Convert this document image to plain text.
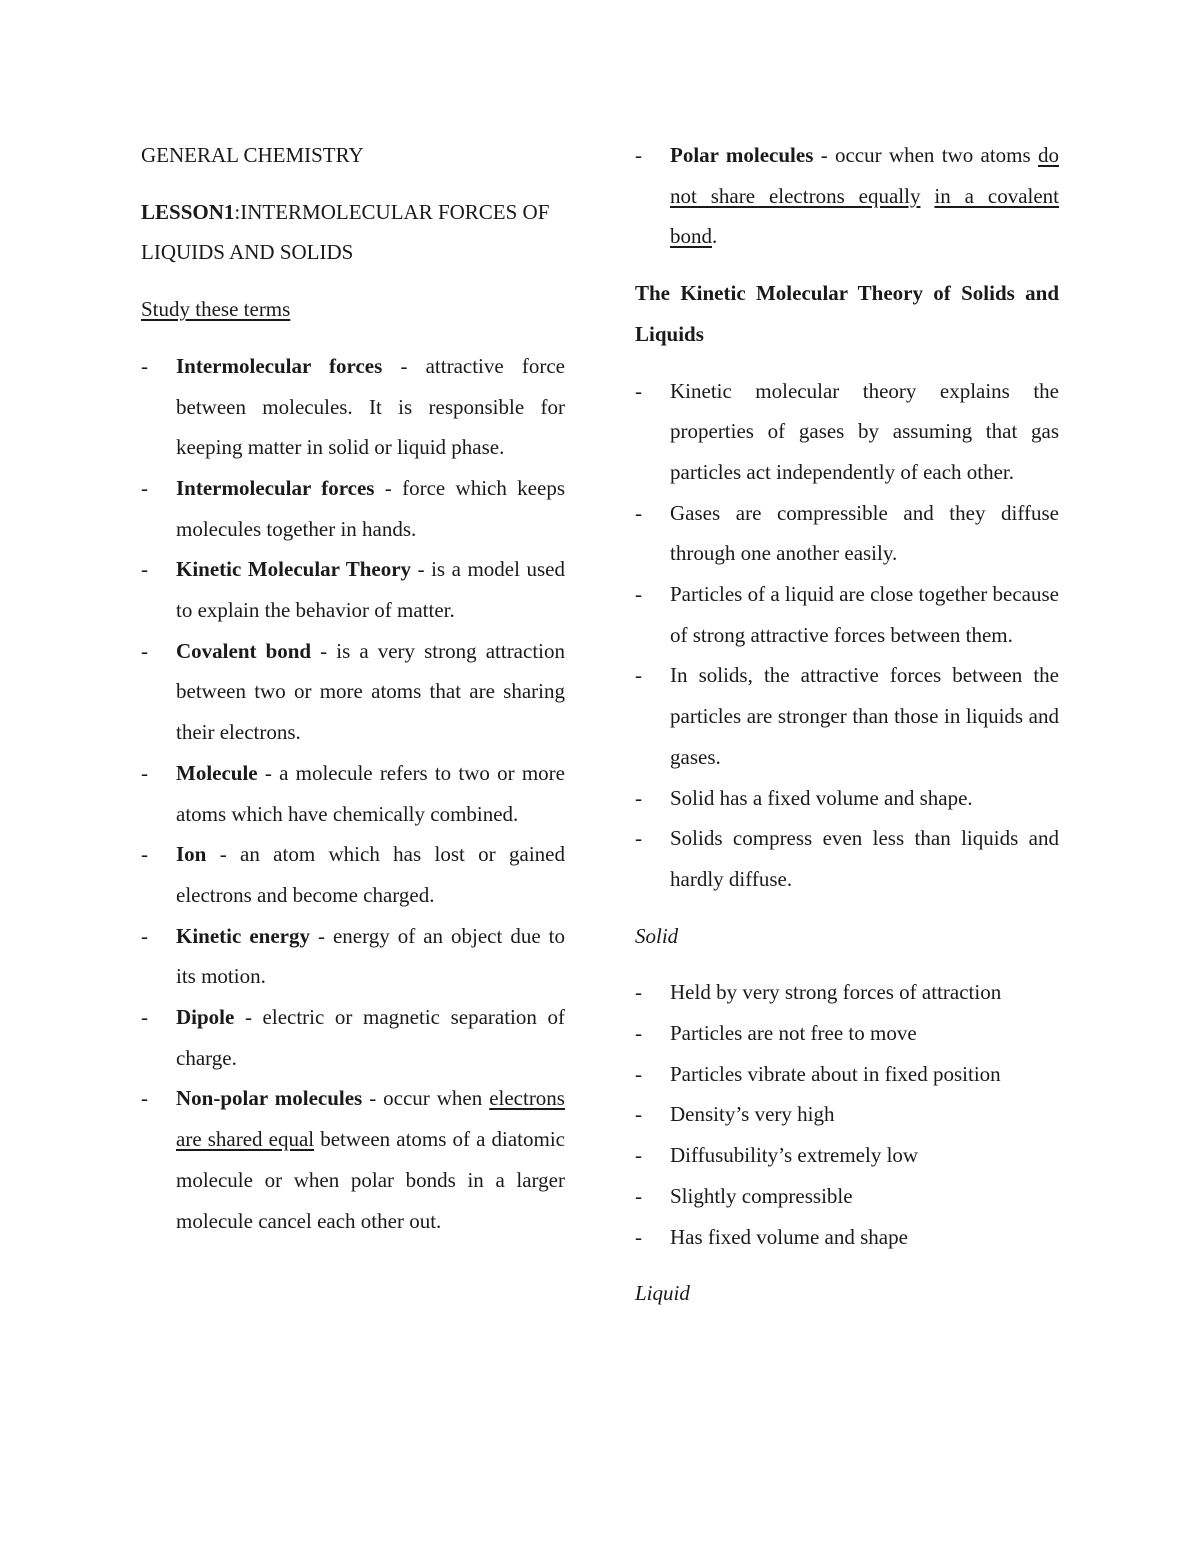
GENERAL CHEMISTRY
LESSON1:INTERMOLECULAR FORCES OF LIQUIDS AND SOLIDS
Study these terms
- Intermolecular forces - attractive force between molecules. It is responsible for keeping matter in solid or liquid phase.
- Intermolecular forces - force which keeps molecules together in hands.
- Kinetic Molecular Theory - is a model used to explain the behavior of matter.
- Covalent bond - is a very strong attraction between two or more atoms that are sharing their electrons.
- Molecule - a molecule refers to two or more atoms which have chemically combined.
- Ion - an atom which has lost or gained electrons and become charged.
- Kinetic energy - energy of an object due to its motion.
- Dipole - electric or magnetic separation of charge.
- Non-polar molecules - occur when electrons are shared equal between atoms of a diatomic molecule or when polar bonds in a larger molecule cancel each other out.
- Polar molecules - occur when two atoms do not share electrons equally in a covalent bond.
The Kinetic Molecular Theory of Solids and Liquids
- Kinetic molecular theory explains the properties of gases by assuming that gas particles act independently of each other.
- Gases are compressible and they diffuse through one another easily.
- Particles of a liquid are close together because of strong attractive forces between them.
- In solids, the attractive forces between the particles are stronger than those in liquids and gases.
- Solid has a fixed volume and shape.
- Solids compress even less than liquids and hardly diffuse.
Solid
- Held by very strong forces of attraction
- Particles are not free to move
- Particles vibrate about in fixed position
- Density’s very high
- Diffusubility’s extremely low
- Slightly compressible
- Has fixed volume and shape
Liquid
